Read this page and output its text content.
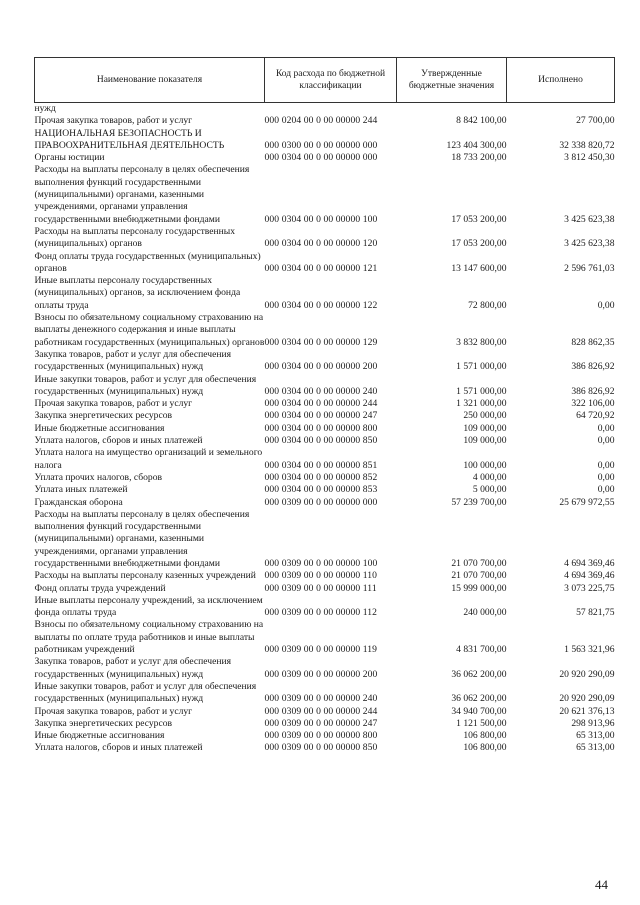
Наименование показателя	Код расхода по бюджетной классификации	Утвержденные бюджетные значения	Исполнено
нужд			
Прочая закупка товаров, работ и услуг	000 0204 00 0 00 00000 244	8 842 100,00	27 700,00
НАЦИОНАЛЬНАЯ БЕЗОПАСНОСТЬ И ПРАВООХРАНИТЕЛЬНАЯ ДЕЯТЕЛЬНОСТЬ	000 0300 00 0 00 00000 000	123 404 300,00	32 338 820,72
Органы юстиции	000 0304 00 0 00 00000 000	18 733 200,00	3 812 450,30
Расходы на выплаты персоналу в целях обеспечения выполнения функций государственными (муниципальными) органами, казенными учреждениями, органами управления государственными внебюджетными фондами	000 0304 00 0 00 00000 100	17 053 200,00	3 425 623,38
Расходы на выплаты персоналу государственных (муниципальных) органов	000 0304 00 0 00 00000 120	17 053 200,00	3 425 623,38
Фонд оплаты труда государственных (муниципальных) органов	000 0304 00 0 00 00000 121	13 147 600,00	2 596 761,03
Иные выплаты персоналу государственных (муниципальных) органов, за исключением фонда оплаты труда	000 0304 00 0 00 00000 122	72 800,00	0,00
Взносы по обязательному социальному страхованию на выплаты денежного содержания и иные выплаты работникам государственных (муниципальных) органов	000 0304 00 0 00 00000 129	3 832 800,00	828 862,35
Закупка товаров, работ и услуг для обеспечения государственных (муниципальных) нужд	000 0304 00 0 00 00000 200	1 571 000,00	386 826,92
Иные закупки товаров, работ и услуг для обеспечения государственных (муниципальных) нужд	000 0304 00 0 00 00000 240	1 571 000,00	386 826,92
Прочая закупка товаров, работ и услуг	000 0304 00 0 00 00000 244	1 321 000,00	322 106,00
Закупка энергетических ресурсов	000 0304 00 0 00 00000 247	250 000,00	64 720,92
Иные бюджетные ассигнования	000 0304 00 0 00 00000 800	109 000,00	0,00
Уплата налогов, сборов и иных платежей	000 0304 00 0 00 00000 850	109 000,00	0,00
Уплата налога на имущество организаций и земельного налога	000 0304 00 0 00 00000 851	100 000,00	0,00
Уплата прочих налогов, сборов	000 0304 00 0 00 00000 852	4 000,00	0,00
Уплата иных платежей	000 0304 00 0 00 00000 853	5 000,00	0,00
Гражданская оборона	000 0309 00 0 00 00000 000	57 239 700,00	25 679 972,55
Расходы на выплаты персоналу в целях обеспечения выполнения функций государственными (муниципальными) органами, казенными учреждениями, органами управления государственными внебюджетными фондами	000 0309 00 0 00 00000 100	21 070 700,00	4 694 369,46
Расходы на выплаты персоналу казенных учреждений	000 0309 00 0 00 00000 110	21 070 700,00	4 694 369,46
Фонд оплаты труда учреждений	000 0309 00 0 00 00000 111	15 999 000,00	3 073 225,75
Иные выплаты персоналу учреждений, за исключением фонда оплаты труда	000 0309 00 0 00 00000 112	240 000,00	57 821,75
Взносы по обязательному социальному страхованию на выплаты по оплате труда работников и иные выплаты работникам учреждений	000 0309 00 0 00 00000 119	4 831 700,00	1 563 321,96
Закупка товаров, работ и услуг для обеспечения государственных (муниципальных) нужд	000 0309 00 0 00 00000 200	36 062 200,00	20 920 290,09
Иные закупки товаров, работ и услуг для обеспечения государственных (муниципальных) нужд	000 0309 00 0 00 00000 240	36 062 200,00	20 920 290,09
Прочая закупка товаров, работ и услуг	000 0309 00 0 00 00000 244	34 940 700,00	20 621 376,13
Закупка энергетических ресурсов	000 0309 00 0 00 00000 247	1 121 500,00	298 913,96
Иные бюджетные ассигнования	000 0309 00 0 00 00000 800	106 800,00	65 313,00
Уплата налогов, сборов и иных платежей	000 0309 00 0 00 00000 850	106 800,00	65 313,00
44
